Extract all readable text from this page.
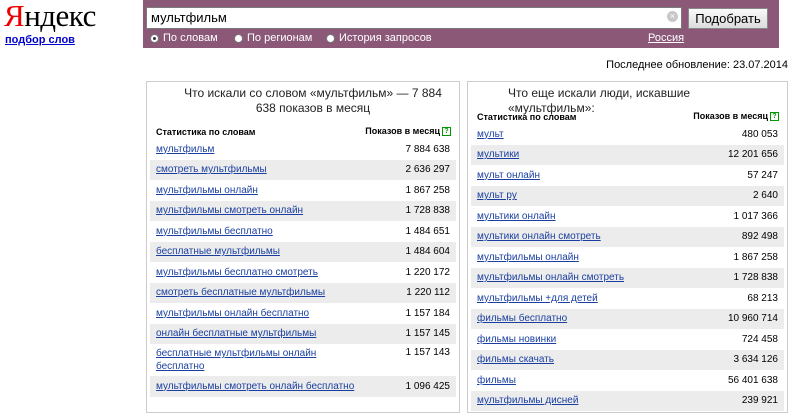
Яндекс
подбор слов
мультфильм	×	Подобрать
По словам	По регионам История запросов	Россия
Последнее обновление: 23.07.2014
Что искали со словом «мультфильм» — 7 884 638 показов в месяц
Статистика по словам	Показов в месяц ?
мультфильм	7 884 638
смотреть мультфильмы	2 636 297
мультфильмы онлайн	1 867 258
мультфильмы смотреть онлайн	1 728 838
мультфильмы бесплатно	1 484 651
бесплатные мультфильмы	1 484 604
мультфильмы бесплатно смотреть	1 220 172
смотреть бесплатные мультфильмы	1 220 112
мультфильмы онлайн бесплатно	1 157 184
онлайн бесплатные мультфильмы	1 157 145
бесплатные мультфильмы онлайн бесплатно
1 157 143
мультфильмы смотреть онлайн бесплатно	1 096 425
Что еще искали люди, искавшие «мультфильм»:
Статистика по словам	Показов в месяц ?
мульт	480 053
мультики	12 201 656
мульт онлайн	57 247
мульт ру	2 640
мультики онлайн	1 017 366
мультики онлайн смотреть	892 498
мультфильмы онлайн	1 867 258
мультфильмы онлайн смотреть	1 728 838
мультфильмы +для детей	68 213
фильмы бесплатно	10 960 714
фильмы новинки	724 458
фильмы скачать	3 634 126
фильмы	56 401 638
мультфильмы дисней	239 921
